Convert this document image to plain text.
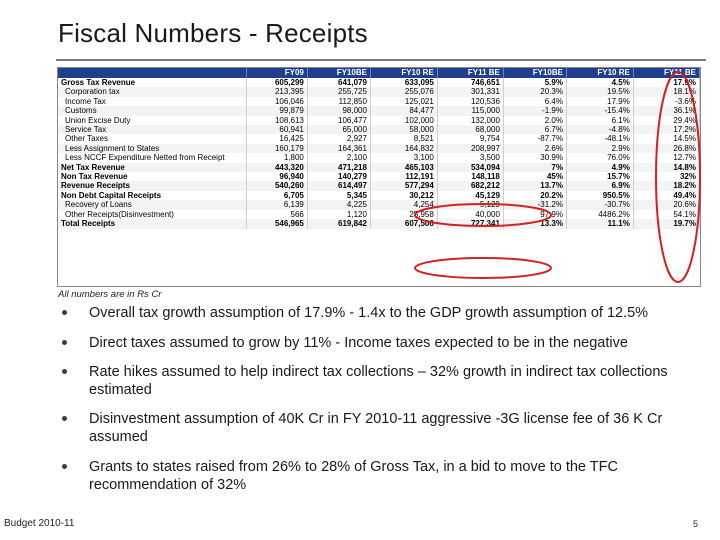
Fiscal Numbers - Receipts
	FY09	FY10BE	FY10 RE	FY11 BE	FY10BE	FY10 RE	FY11 BE
Gross Tax Revenue	605,299	641,079	633,095	746,651	5.9%	4.5%	17.9%
Corporation tax	213,395	255,725	255,076	301,331	20.3%	19.5%	18.1%
Income Tax	106,046	112,850	125,021	120,536	6.4%	17.9%	-3.6%
Customs	99,879	98,000	84,477	115,000	-1.9%	-15.4%	36.1%
Union Excise Duty	108,613	106,477	102,000	132,000	2.0%	6.1%	29.4%
Service Tax	60,941	65,000	58,000	68,000	6.7%	-4.8%	17.2%
Other Taxes	16,425	2,927	8,521	9,754	-87.7%	-48.1%	14.5%
Less Assignment to States	160,179	164,361	164,832	208,997	2.6%	2.9%	26.8%
Less NCCF Expenditure Netted from Receipt	1,800	2,100	3,100	3,500	30.9%	76.0%	12.7%
Net Tax Revenue	443,320	471,218	465,103	534,094	7%	4.9%	14.8%
Non Tax Revenue	96,940	140,279	112,191	148,118	45%	15.7%	32%
Revenue Receipts	540,260	614,497	577,294	682,212	13.7%	6.9%	18.2%
Non Debt Capital Receipts	6,705	5,345	30,212	45,129	20.2%	950.5%	49.4%
Recovery of Loans	6,139	4,225	4,254	5,129	-31.2%	-30.7%	20.6%
Other Receipts(Disinvestment)	566	1,120	25,958	40,000	97.9%	4486.2%	54.1%
Total Receipts	546,965	619,842	607,506	727,341	13.3%	11.1%	19.7%
All numbers are in Rs Cr
Overall tax growth assumption of 17.9% - 1.4x to the GDP growth assumption of 12.5%
Direct taxes assumed to grow by 11% - Income taxes expected to be in the negative
Rate hikes assumed to help indirect tax collections – 32% growth in indirect tax collections estimated
Disinvestment assumption of 40K Cr in FY 2010-11 aggressive -3G license fee of 36 K Cr assumed
Grants to states raised from 26% to 28% of Gross Tax, in a bid to move to the TFC recommendation of 32%
Budget 2010-11	5
